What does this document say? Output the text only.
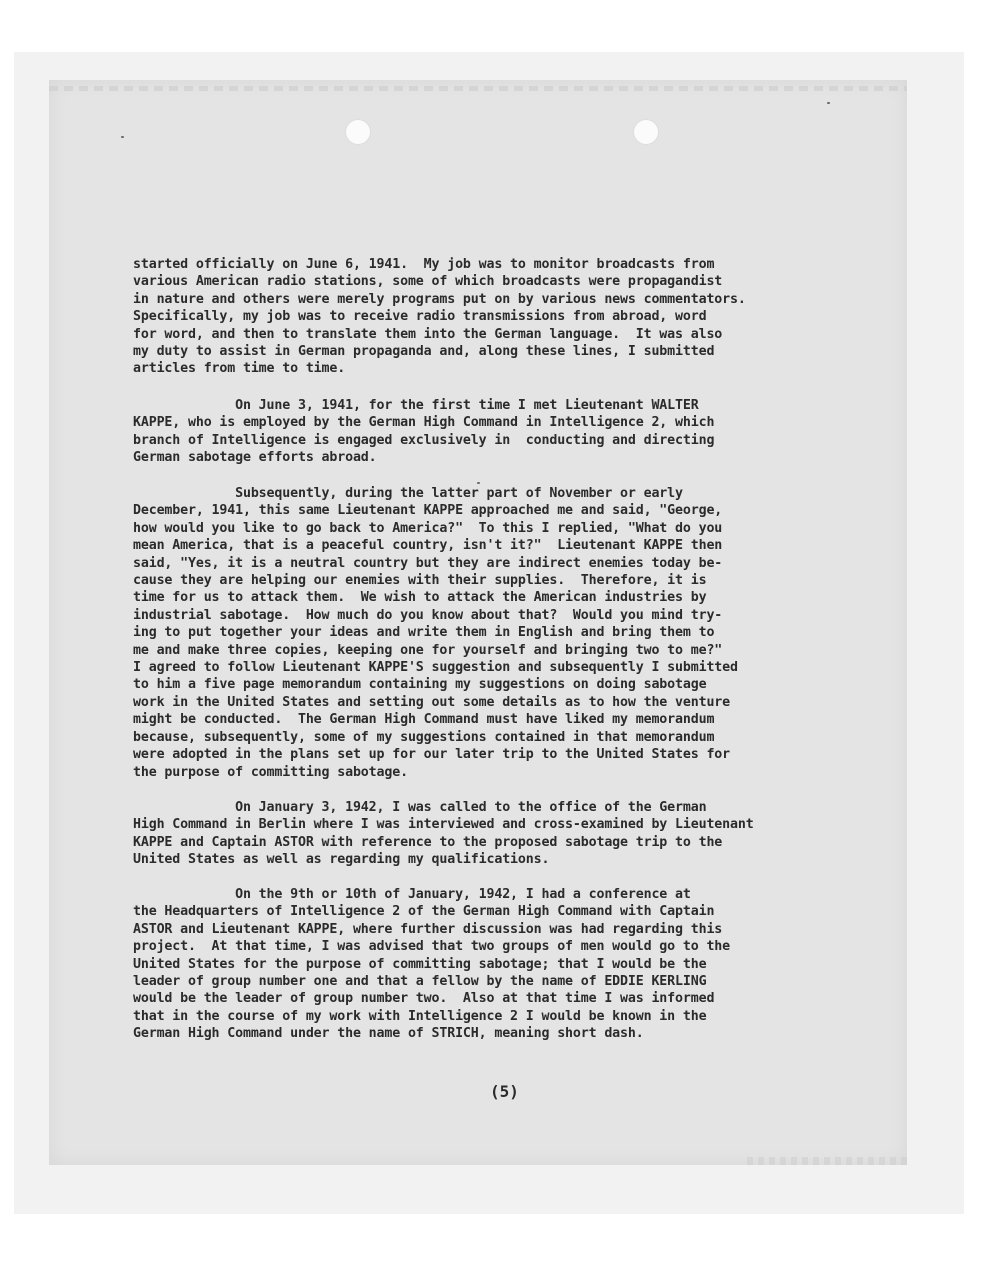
started officially on June 6, 1941.  My job was to monitor broadcasts from
various American radio stations, some of which broadcasts were propagandist
in nature and others were merely programs put on by various news commentators.
Specifically, my job was to receive radio transmissions from abroad, word
for word, and then to translate them into the German language.  It was also
my duty to assist in German propaganda and, along these lines, I submitted
articles from time to time.
On June 3, 1941, for the first time I met Lieutenant WALTER
KAPPE, who is employed by the German High Command in Intelligence 2, which
branch of Intelligence is engaged exclusively in  conducting and directing
German sabotage efforts abroad.
Subsequently, during the latter part of November or early
December, 1941, this same Lieutenant KAPPE approached me and said, "George,
how would you like to go back to America?"  To this I replied, "What do you
mean America, that is a peaceful country, isn't it?"  Lieutenant KAPPE then
said, "Yes, it is a neutral country but they are indirect enemies today be-
cause they are helping our enemies with their supplies.  Therefore, it is
time for us to attack them.  We wish to attack the American industries by
industrial sabotage.  How much do you know about that?  Would you mind try-
ing to put together your ideas and write them in English and bring them to
me and make three copies, keeping one for yourself and bringing two to me?"
I agreed to follow Lieutenant KAPPE'S suggestion and subsequently I submitted
to him a five page memorandum containing my suggestions on doing sabotage
work in the United States and setting out some details as to how the venture
might be conducted.  The German High Command must have liked my memorandum
because, subsequently, some of my suggestions contained in that memorandum
were adopted in the plans set up for our later trip to the United States for
the purpose of committing sabotage.
On January 3, 1942, I was called to the office of the German
High Command in Berlin where I was interviewed and cross-examined by Lieutenant
KAPPE and Captain ASTOR with reference to the proposed sabotage trip to the
United States as well as regarding my qualifications.
On the 9th or 10th of January, 1942, I had a conference at
the Headquarters of Intelligence 2 of the German High Command with Captain
ASTOR and Lieutenant KAPPE, where further discussion was had regarding this
project.  At that time, I was advised that two groups of men would go to the
United States for the purpose of committing sabotage; that I would be the
leader of group number one and that a fellow by the name of EDDIE KERLING
would be the leader of group number two.  Also at that time I was informed
that in the course of my work with Intelligence 2 I would be known in the
German High Command under the name of STRICH, meaning short dash.
(5)
